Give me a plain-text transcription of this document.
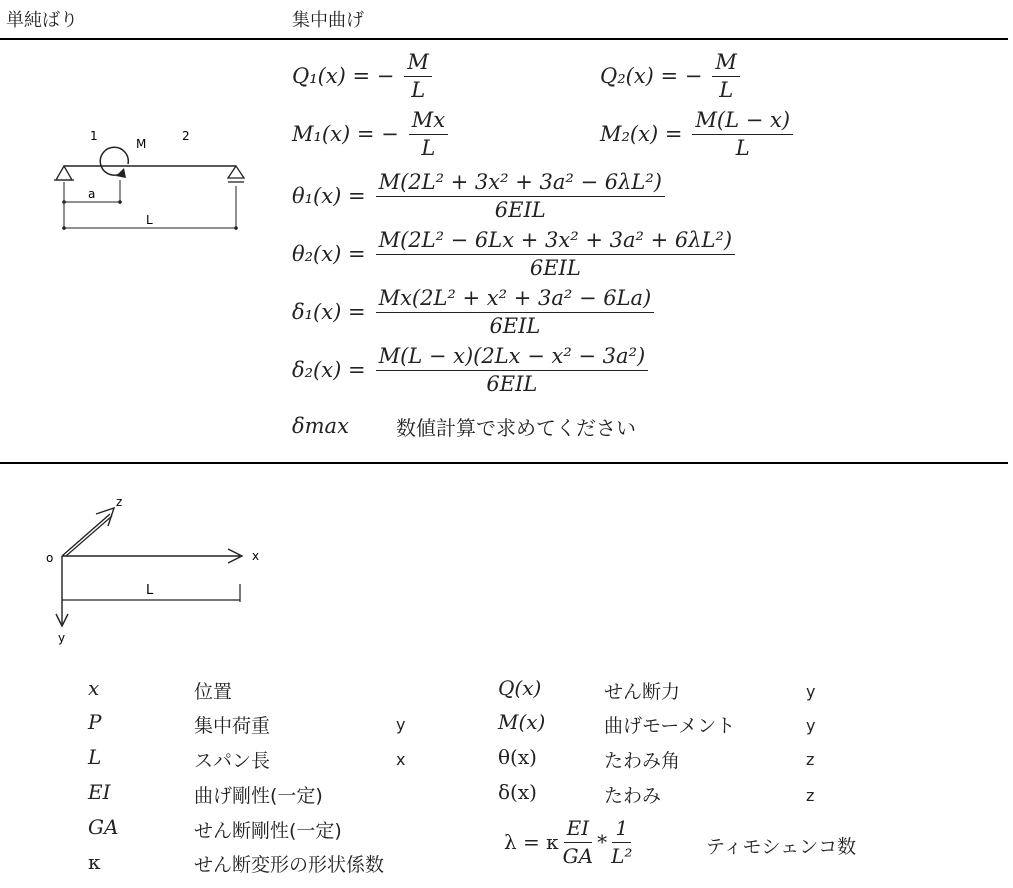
単純ばり	集中曲げ
1
M
2
a
L
Q₁(x) = − $\frac{M}{L}$	Q₂(x) = − $\frac{M}{L}$
M₁(x) = − $\frac{Mx}{L}$	$M_2(x) = \frac{M(L - x)}{L}$
$\theta_1(x) = \frac{\text{M(2L² + 3x² + 3a² − 6λL²)}}{\text{6EIL}}$
$\theta_2(x) = \frac{\text{M(2L² − 6Lx + 3x² + 3a² + 6λL²)}}{\text{6EIL}}$
$\delta_1(x) = \frac{\text{Mx(2L² + x² + 3a² − 6La)}}{\text{6EIL}}$
$\delta_2(x) = \frac{\text{M(L − x)(2Lx − x² − 3a²)}}{\text{6EIL}}$
δmax	数値計算で求めてください
z
o	x
L
y
x	位置
P	集中荷重	y
L	スパン長	x
EI	曲げ剛性(一定)
GA	せん断剛性(一定)
κ	せん断変形の形状係数
Q(x)	せん断力	y
M(x)	曲げモーメント	y
θ(x)	たわみ角	z
δ(x)	たわみ	z
λ = κ $\frac{EI}{GA} * \frac{1}{\text{L²}}$	ティモシェンコ数
